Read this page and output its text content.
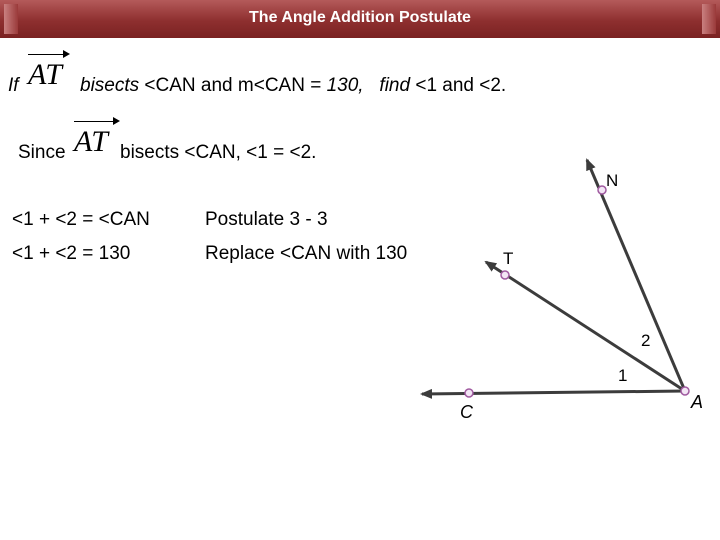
The Angle Addition Postulate
If AT bisects <CAN and m<CAN = 130, find <1 and <2.
Since AT bisects <CAN, <1 = <2.
<1 + <2 = <CAN	Postulate 3 - 3
<1 + <2 = 130	Replace <CAN with 130
N
T
C	A
2
1
